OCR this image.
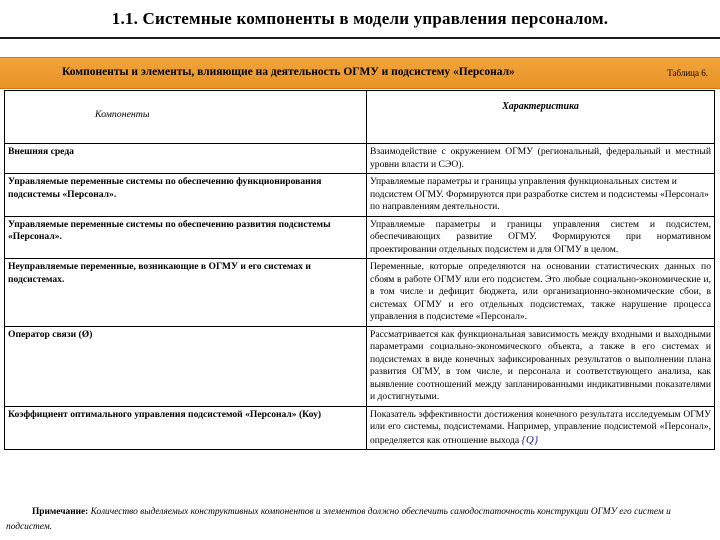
1.1. Системные компоненты в модели управления персоналом.
Компоненты и элементы, влияющие на деятельность ОГМУ и подсистему «Персонал»	Таблица 6.
Компоненты	Характеристика
Внешняя среда	Взаимодействие с окружением ОГМУ (региональный, федеральный и местный уровни власти и СЭО).
Управляемые переменные системы по обеспечению функционирования подсистемы «Персонал».	Управляемые параметры и границы управления функциональных систем и подсистем ОГМУ. Формируются при разработке систем и подсистемы «Персонал» по направлениям деятельности.
Управляемые переменные системы по обеспечению развития подсистемы «Персонал».	Управляемые параметры и границы управления систем и подсистем, обеспечивающих развитие ОГМУ. Формируются при нормативном проектировании отдельных подсистем и для ОГМУ в целом.
Неуправляемые переменные, возникающие в ОГМУ и его системах и подсистемах.	Переменные, которые определяются на основании статистических данных по сбоям в работе ОГМУ или его подсистем. Это любые социально-экономические и, в том числе и дефицит бюджета, или организационно-экономические сбои, в системах ОГМУ и его отдельных подсистемах, также нарушение процесса управления в подсистеме «Персонал».
Оператор связи (Ø)	Рассматривается как функциональная зависимость между входными и выходными параметрами социально-экономического объекта, а также в его системах и подсистемах в виде конечных зафиксированных результатов о выполнении плана развития ОГМУ, в том числе, и персонала и соответствующего анализа, как выявление соотношений между запланированными индикативными показателями и достигнутыми.
Коэффициент оптимального управления подсистемой «Персонал» (Коу)	Показатель эффективности достижения конечного результата исследуемым ОГМУ или его системы, подсистемами. Например, управление подсистемой «Персонал», определяется как отношение выхода {Q}
Примечание: Количество выделяемых конструктивных компонентов и элементов должно обеспечить самодостаточность конструкции ОГМУ его систем и подсистем.
